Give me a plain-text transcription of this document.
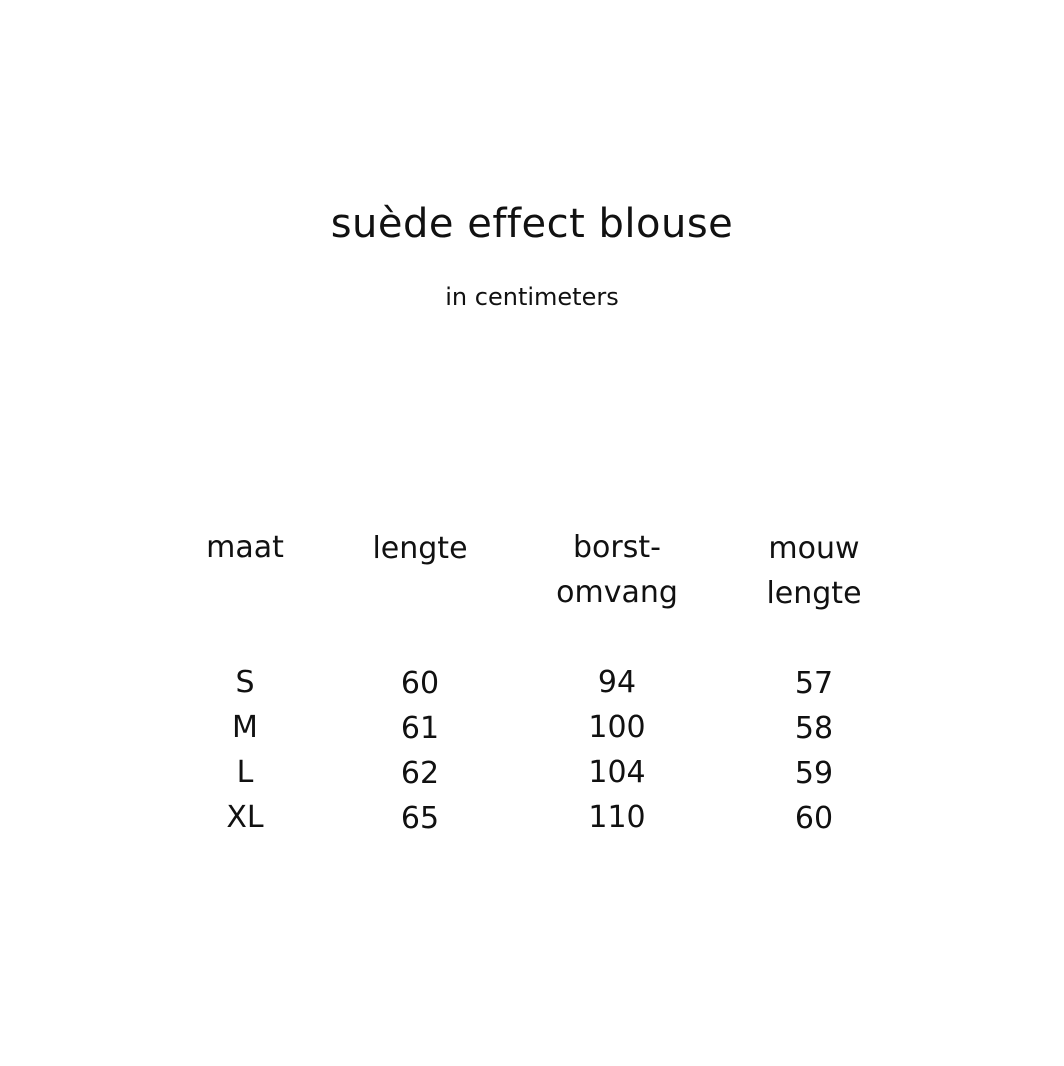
suède effect blouse
in centimeters
maat
S
M
L
XL
lengte
60
61
62
65
borst-
omvang
94
100
104
110
mouw
lengte
57
58
59
60
